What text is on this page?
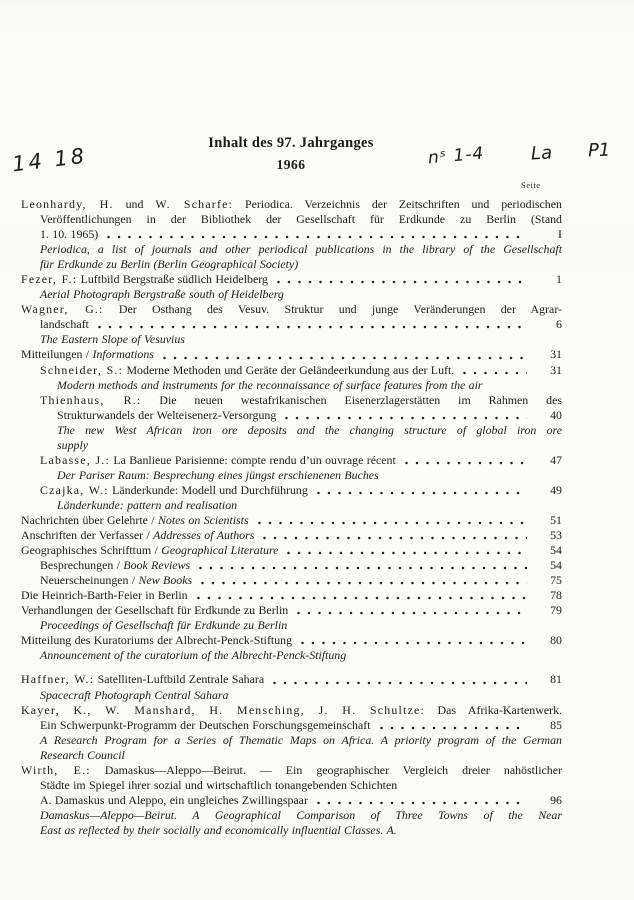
14 18
Inhalt des 97. Jahrganges
1966	nˢ 1-4	La P1
Seite
Leonhardy, H. und W. Scharfe: Periodica. Verzeichnis der Zeitschriften und periodischen
Veröffentlichungen in der Bibliothek der Gesellschaft für Erdkunde zu Berlin (Stand
1. 10. 1965)	I
Periodica, a list of journals and other periodical publications in the library of the Gesellschaft
für Erdkunde zu Berlin (Berlin Geographical Society)
Fezer, F.: Luftbild Bergstraße südlich Heidelberg	1
Aerial Photograph Bergstraße south of Heidelberg
Wagner, G.: Der Osthang des Vesuv. Struktur und junge Veränderungen der Agrar-
landschaft	6
The Eastern Slope of Vesuvius
Mitteilungen / Informations	31
Schneider, S.: Moderne Methoden und Geräte der Geländeerkundung aus der Luft.	31
Modern methods and instruments for the reconnaissance of surface features from the air
Thienhaus, R.: Die neuen westafrikanischen Eisenerzlagerstätten im Rahmen des
Strukturwandels der Welteisenerz-Versorgung	40
The new West African iron ore deposits and the changing structure of global iron ore
supply
Labasse, J.: La Banlieue Parisienne: compte rendu d’un ouvrage récent	47
Der Pariser Raum: Besprechung eines jüngst erschienenen Buches
Czajka, W.: Länderkunde: Modell und Durchführung	49
Länderkunde: pattern and realisation
Nachrichten über Gelehrte / Notes on Scientists	51
Anschriften der Verfasser / Addresses of Authors	53
Geographisches Schrifttum / Geographical Literature	54
Besprechungen / Book Reviews	54
Neuerscheinungen / New Books	75
Die Heinrich-Barth-Feier in Berlin	78
Verhandlungen der Gesellschaft für Erdkunde zu Berlin	79
Proceedings of Gesellschaft für Erdkunde zu Berlin
Mitteilung des Kuratoriums der Albrecht-Penck-Stiftung	80
Announcement of the curatorium of the Albrecht-Penck-Stiftung
Haffner, W.: Satelliten-Luftbild Zentrale Sahara	81
Spacecraft Photograph Central Sahara
Kayer, K., W. Manshard, H. Mensching, J. H. Schultze: Das Afrika-Kartenwerk.
Ein Schwerpunkt-Programm der Deutschen Forschungsgemeinschaft	85
A Research Program for a Series of Thematic Maps on Africa. A priority program of the German
Research Council
Wirth, E.: Damaskus—Aleppo—Beirut. — Ein geographischer Vergleich dreier nahöstlicher
Städte im Spiegel ihrer sozial und wirtschaftlich tonangebenden Schichten
A. Damaskus und Aleppo, ein ungleiches Zwillingspaar	96
Damaskus—Aleppo—Beirut. A Geographical Comparison of Three Towns of the Near
East as reflected by their socially and economically influential Classes. A.
